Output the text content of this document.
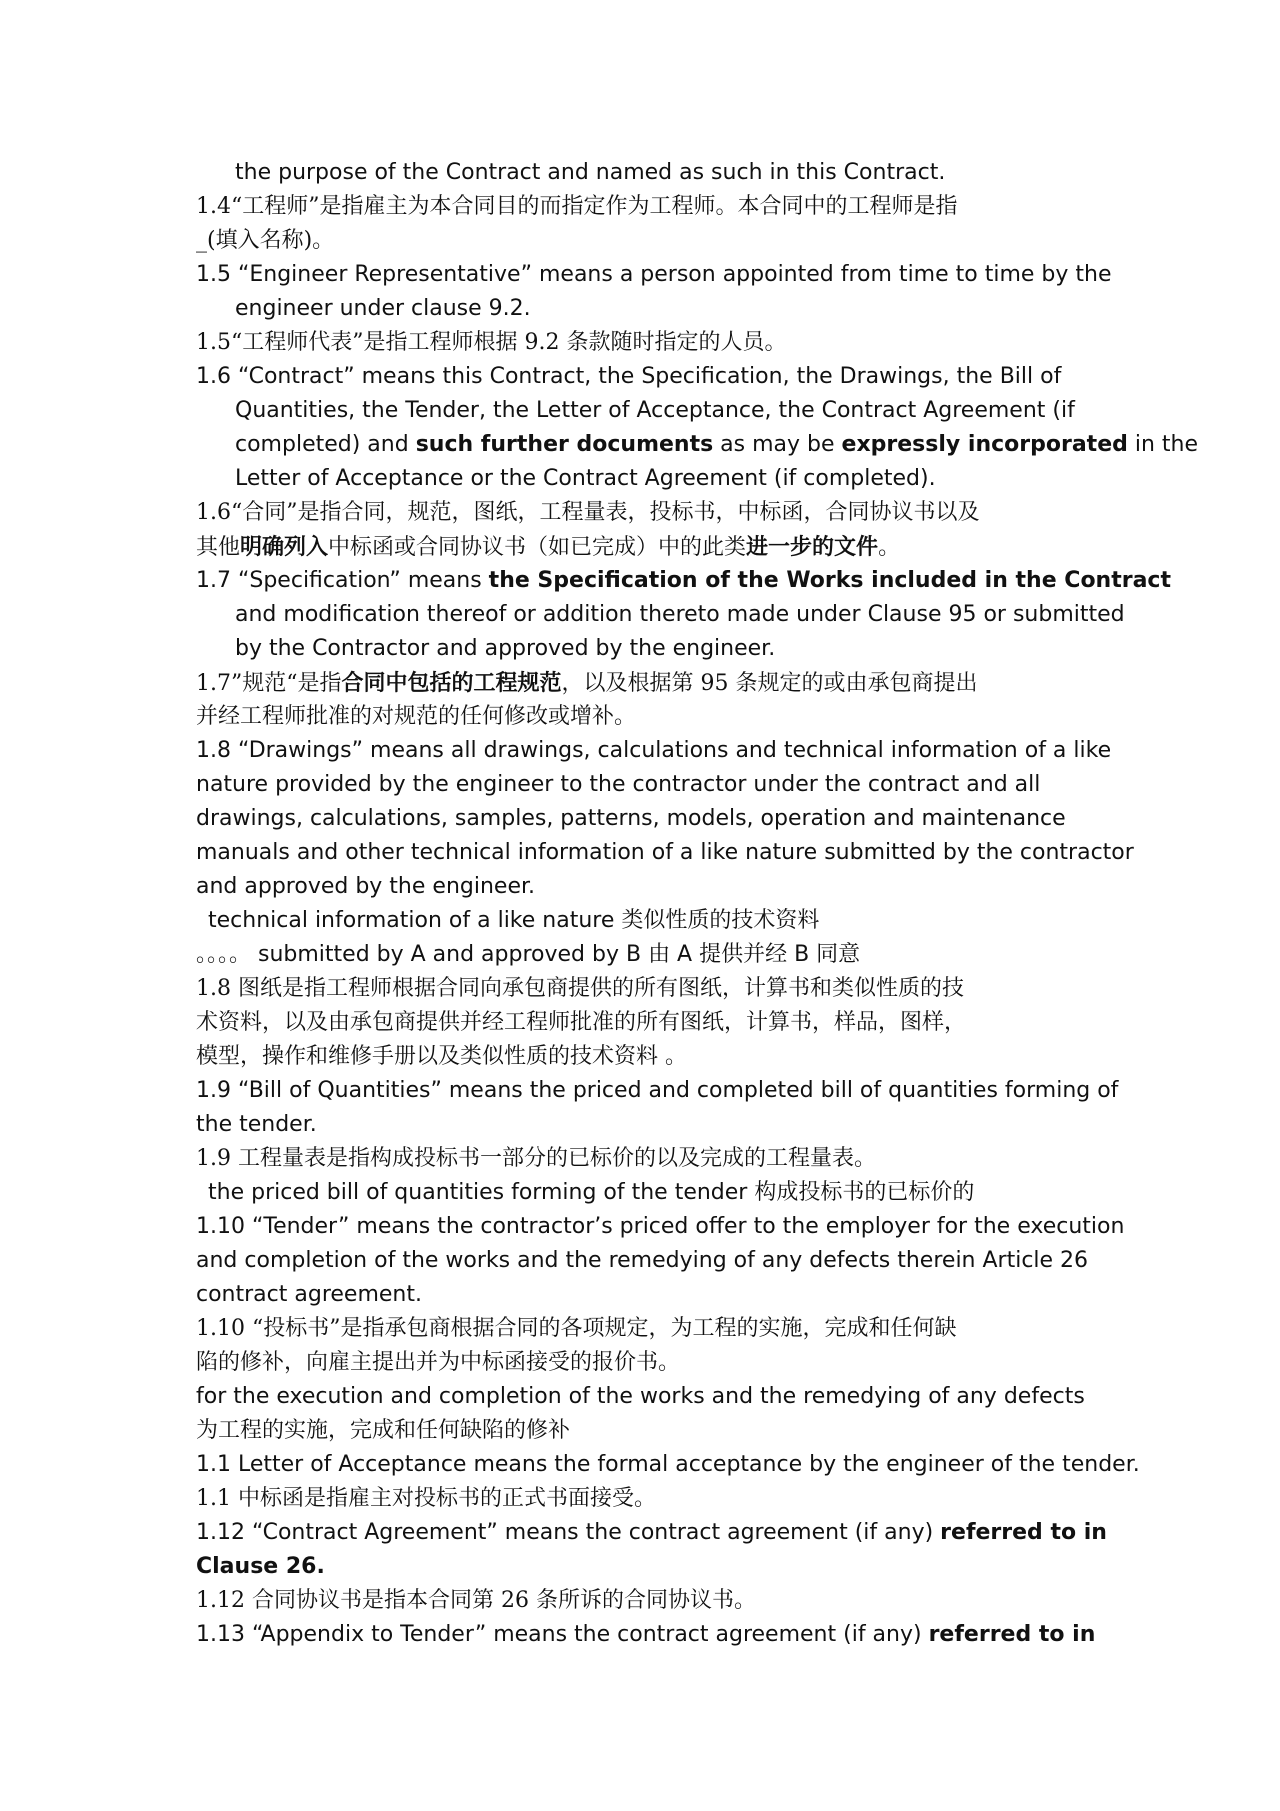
the purpose of the Contract and named as such in this Contract.
1.4“工程师”是指雇主为本合同目的而指定作为工程师。本合同中的工程师是指
_(填入名称)。
1.5 “Engineer Representative” means a person appointed from time to time by the
engineer under clause 9.2.
1.5“工程师代表”是指工程师根据 9.2 条款随时指定的人员。
1.6 “Contract” means this Contract, the Specification, the Drawings, the Bill of
Quantities, the Tender, the Letter of Acceptance, the Contract Agreement (if
completed) and such further documents as may be expressly incorporated in the
Letter of Acceptance or the Contract Agreement (if completed).
1.6“合同”是指合同，规范，图纸，工程量表，投标书，中标函，合同协议书以及
其他明确列入中标函或合同协议书（如已完成）中的此类进一步的文件。
1.7 “Specification” means the Specification of the Works included in the Contract
and modification thereof or addition thereto made under Clause 95 or submitted
by the Contractor and approved by the engineer.
1.7”规范“是指合同中包括的工程规范，以及根据第 95 条规定的或由承包商提出
并经工程师批准的对规范的任何修改或增补。
1.8 “Drawings” means all drawings, calculations and technical information of a like
nature provided by the engineer to the contractor under the contract and all
drawings, calculations, samples, patterns, models, operation and maintenance
manuals and other technical information of a like nature submitted by the contractor
and approved by the engineer.
technical information of a like nature 类似性质的技术资料
。。。。 submitted by A and approved by B 由 A 提供并经 B 同意
1.8 图纸是指工程师根据合同向承包商提供的所有图纸，计算书和类似性质的技
术资料，以及由承包商提供并经工程师批准的所有图纸，计算书，样品，图样，
模型，操作和维修手册以及类似性质的技术资料 。
1.9 “Bill of Quantities” means the priced and completed bill of quantities forming of
the tender.
1.9 工程量表是指构成投标书一部分的已标价的以及完成的工程量表。
the priced bill of quantities forming of the tender 构成投标书的已标价的
1.10 “Tender” means the contractor’s priced offer to the employer for the execution
and completion of the works and the remedying of any defects therein Article 26
contract agreement.
1.10 “投标书”是指承包商根据合同的各项规定，为工程的实施，完成和任何缺
陷的修补，向雇主提出并为中标函接受的报价书。
for the execution and completion of the works and the remedying of any defects
为工程的实施，完成和任何缺陷的修补
1.1 Letter of Acceptance means the formal acceptance by the engineer of the tender.
1.1 中标函是指雇主对投标书的正式书面接受。
1.12 “Contract Agreement” means the contract agreement (if any) referred to in
Clause 26.
1.12 合同协议书是指本合同第 26 条所诉的合同协议书。
1.13 “Appendix to Tender” means the contract agreement (if any) referred to in
